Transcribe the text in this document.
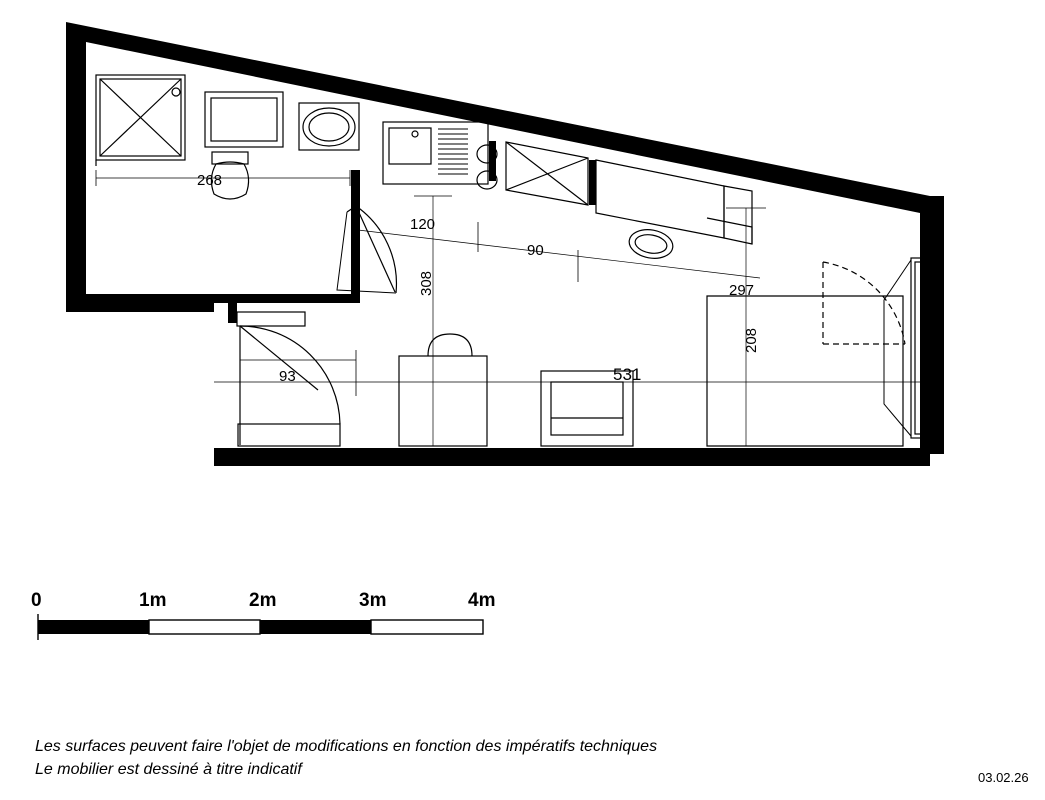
268
120
90
308	297
208
93	531
0	1m	2m	3m	4m
Les surfaces peuvent faire l'objet de modifications en fonction des impératifs techniques
Le mobilier est dessiné à titre indicatif	03.02.26
